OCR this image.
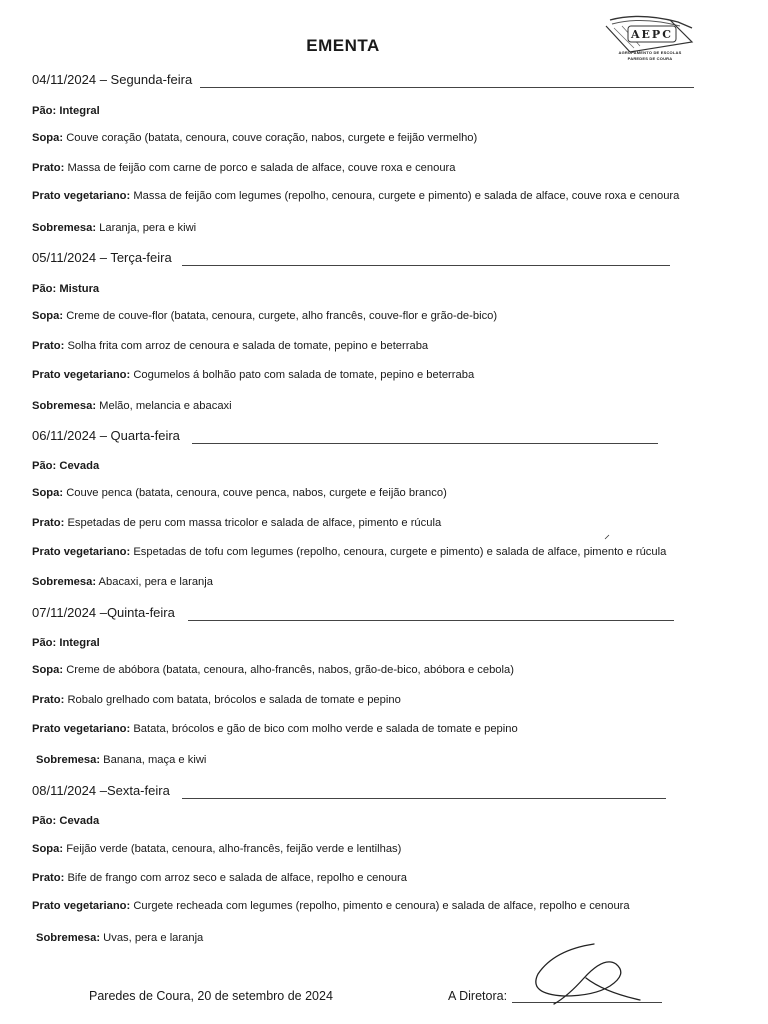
EMENTA
AEPC
AGRUPAMENTO DE ESCOLAS
PAREDES DE COURA
04/11/2024 – Segunda-feira
Pão: Integral
Sopa: Couve coração (batata, cenoura, couve coração, nabos, curgete e feijão vermelho)
Prato: Massa de feijão com carne de porco e salada de alface, couve roxa e cenoura
Prato vegetariano: Massa de feijão com legumes (repolho, cenoura, curgete e pimento) e salada de alface, couve roxa e cenoura
Sobremesa: Laranja, pera e kiwi
05/11/2024 – Terça-feira
Pão: Mistura
Sopa: Creme de couve-flor (batata, cenoura, curgete, alho francês, couve-flor e grão-de-bico)
Prato: Solha frita com arroz de cenoura e salada de tomate, pepino e beterraba
Prato vegetariano: Cogumelos á bolhão pato com salada de tomate, pepino e beterraba
Sobremesa: Melão, melancia e abacaxi
06/11/2024 – Quarta-feira
Pão: Cevada
Sopa: Couve penca (batata, cenoura, couve penca, nabos, curgete e feijão branco)
Prato: Espetadas de peru com massa tricolor e salada de alface, pimento e rúcula
Prato vegetariano: Espetadas de tofu com legumes (repolho, cenoura, curgete e pimento) e salada de alface, pimento e rúcula
Sobremesa: Abacaxi, pera e laranja
07/11/2024 –Quinta-feira
Pão: Integral
Sopa: Creme de abóbora (batata, cenoura, alho-francês, nabos, grão-de-bico, abóbora e cebola)
Prato: Robalo grelhado com batata, brócolos e salada de tomate e pepino
Prato vegetariano: Batata, brócolos e gão de bico com molho verde e salada de tomate e pepino
Sobremesa: Banana, maça e kiwi
08/11/2024 –Sexta-feira
Pão: Cevada
Sopa: Feijão verde (batata, cenoura, alho-francês, feijão verde e lentilhas)
Prato: Bife de frango com arroz seco e salada de alface, repolho e cenoura
Prato vegetariano: Curgete recheada com legumes (repolho, pimento e cenoura) e salada de alface, repolho e cenoura
Sobremesa: Uvas, pera e laranja
Paredes de Coura, 20 de setembro de 2024	A Diretora:
